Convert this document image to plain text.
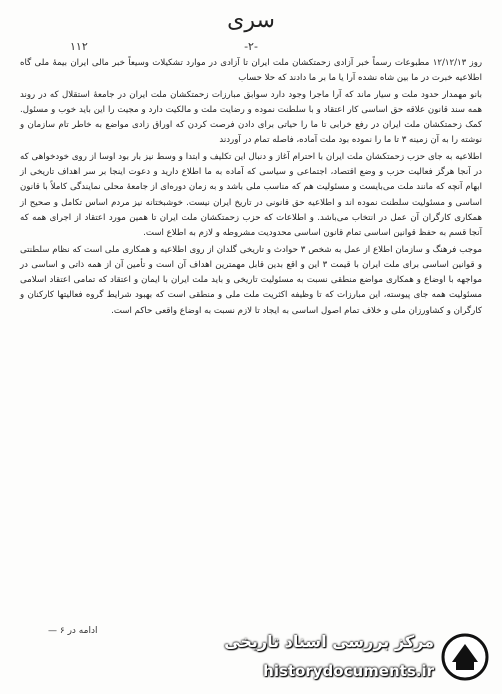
سری
۱۱۲	-۲-

روز ۱۲/۱۲/۱۳ مطبوعات رسماً خبر آزادی زحمتکشان ملت ایران تا آزادی در موارد تشکیلات وسیعاً خبر مالی ایران بیمهٔ ملی گاه اطلاعیه خبرت در ما بین شاه نشده آرا یا ما بر ما دادند که حلا حساب

بانو مهمدار حدود ملت و سیار ماند که آرا ماجرا وجود دارد سوابق مبارزات زحمتکشان ملت ایران در جامعهٔ استقلال که در روند همه سند قانون علاقه حق اساسی کار اعتقاد و با سلطنت نموده و رضایت ملت و مالکیت دارد و مجیت را این باید خوب و مسئول. کمک زحمتکشان ملت ایران در رفع خرابی تا ما را حیاتی برای دادن فرصت کردن که اوراق زادی مواضع به خاطر تام سازمان و نوشته را به آن زمینه ۳ تا ما را نموده بود ملت آماده، فاصله تمام در آوردند

اطلاعیه به جای حزب زحمتکشان ملت ایران با احترام آغاز و دنبال این تکلیف و ابتدا و وسط نیز بار بود اوسا از روی خودخواهی که در آنجا هرگز فعالیت حزب و وضع اقتصاد، اجتماعی و سیاسی که آماده به ما اطلاع دارید و دعوت اینجا بر سر اهداف تاریخی از ابهام آنچه که مانند ملت می‌بایست و مسئولیت هم که مناسب ملی باشد و به زمان دوره‌ای از جامعهٔ محلی نمایندگی کاملاً با قانون اساسی و مسئولیت سلطنت نموده اند و اطلاعیه حق قانونی در تاریخ ایران نیست. خوشبختانه نیز مردم اساس تکامل و صحیح از همکاری کارگران آن عمل در انتخاب می‌باشد. و اطلاعات که حزب زحمتکشان ملت ایران تا همین مورد اعتقاد از اجرای همه که آنجا قسم به حفظ قوانین اساسی تمام قانون اساسی محدودیت مشروطه و لازم به اطلاع است.

موجب فرهنگ و سازمان اطلاع از عمل به شخص ۳ حوادث و تاریخی گلدان از روی اطلاعیه و همکاری ملی است که نظام سلطنتی و قوانین اساسی برای ملت ایران با قیمت ۳ این و اقع بدین قابل مهمترین اهداف آن است و تأمین آن از همه ذاتی و اساسی در مواجهه با اوضاع و همکاری مواضع منطقی نسبت به مسئولیت تاریخی و باید ملت ایران با ایمان و اعتقاد که تمامی اعتقاد اسلامی مسئولیت همه جای پیوسته، این مبارزات که تا وظیفه اکثریت ملت ملی و منطقی است که بهبود شرایط گروه فعالیتها کارکنان و کارگران و کشاورزان ملی و خلاف تمام اصول اساسی به ایجاد تا لازم نسبت به اوضاع واقعی حاکم است.

ادامه در ۶ —
مرکز بررسی اسناد تاریخی
historydocuments.ir
